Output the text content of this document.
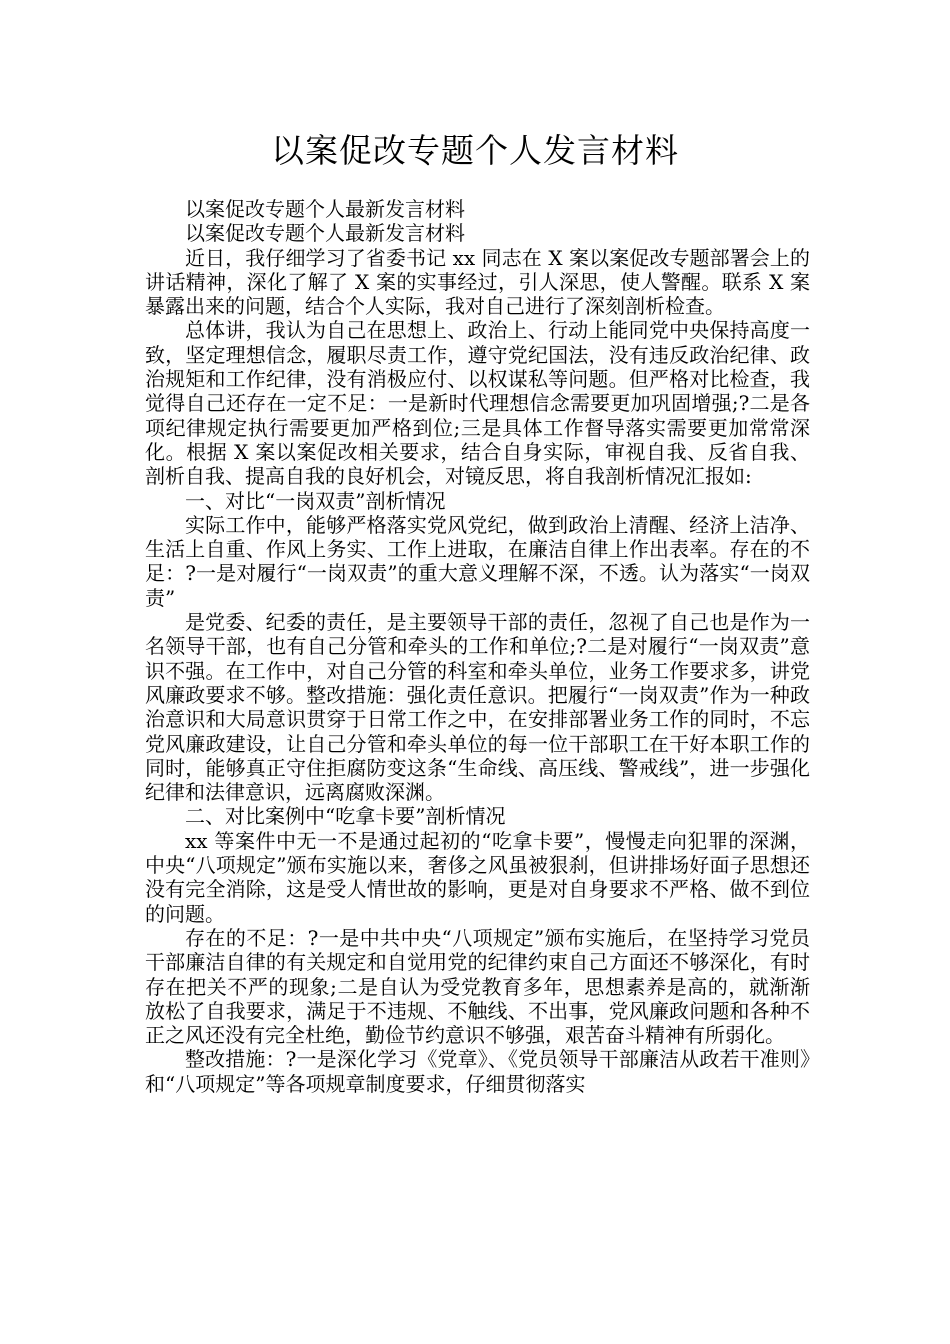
以案促改专题个人发言材料

以案促改专题个人最新发言材料

以案促改专题个人最新发言材料

近日，我仔细学习了省委书记 xx 同志在 X 案以案促改专题部署会上的讲话精神，深化了解了 X 案的实事经过，引人深思，使人警醒。联系 X 案暴露出来的问题，结合个人实际，我对自己进行了深刻剖析检查。

总体讲，我认为自己在思想上、政治上、行动上能同党中央保持高度一致，坚定理想信念，履职尽责工作，遵守党纪国法，没有违反政治纪律、政治规矩和工作纪律，没有消极应付、以权谋私等问题。但严格对比检查，我觉得自己还存在一定不足：一是新时代理想信念需要更加巩固增强;?二是各项纪律规定执行需要更加严格到位;三是具体工作督导落实需要更加常常深化。根据 X 案以案促改相关要求，结合自身实际，审视自我、反省自我、剖析自我、提高自我的良好机会，对镜反思，将自我剖析情况汇报如:

一、对比“一岗双责”剖析情况

实际工作中，能够严格落实党风党纪，做到政治上清醒、经济上洁净、生活上自重、作风上务实、工作上进取，在廉洁自律上作出表率。存在的不足：?一是对履行“一岗双责”的重大意义理解不深，不透。认为落实“一岗双责”

是党委、纪委的责任，是主要领导干部的责任，忽视了自己也是作为一名领导干部，也有自己分管和牵头的工作和单位;?二是对履行“一岗双责”意识不强。在工作中，对自己分管的科室和牵头单位，业务工作要求多，讲党风廉政要求不够。整改措施：强化责任意识。把履行“一岗双责”作为一种政治意识和大局意识贯穿于日常工作之中，在安排部署业务工作的同时，不忘党风廉政建设，让自己分管和牵头单位的每一位干部职工在干好本职工作的同时，能够真正守住拒腐防变这条“生命线、高压线、警戒线”，进一步强化纪律和法律意识，远离腐败深渊。

二、对比案例中“吃拿卡要”剖析情况

xx 等案件中无一不是通过起初的“吃拿卡要”，慢慢走向犯罪的深渊，中央“八项规定”颁布实施以来，奢侈之风虽被狠刹，但讲排场好面子思想还没有完全消除，这是受人情世故的影响，更是对自身要求不严格、做不到位的问题。

存在的不足：?一是中共中央“八项规定”颁布实施后，在坚持学习党员干部廉洁自律的有关规定和自觉用党的纪律约束自己方面还不够深化，有时存在把关不严的现象;二是自认为受党教育多年，思想素养是高的，就渐渐放松了自我要求，满足于不违规、不触线、不出事，党风廉政问题和各种不正之风还没有完全杜绝，勤俭节约意识不够强，艰苦奋斗精神有所弱化。

整改措施：?一是深化学习《党章》、《党员领导干部廉洁从政若干准则》和“八项规定”等各项规章制度要求，仔细贯彻落实
